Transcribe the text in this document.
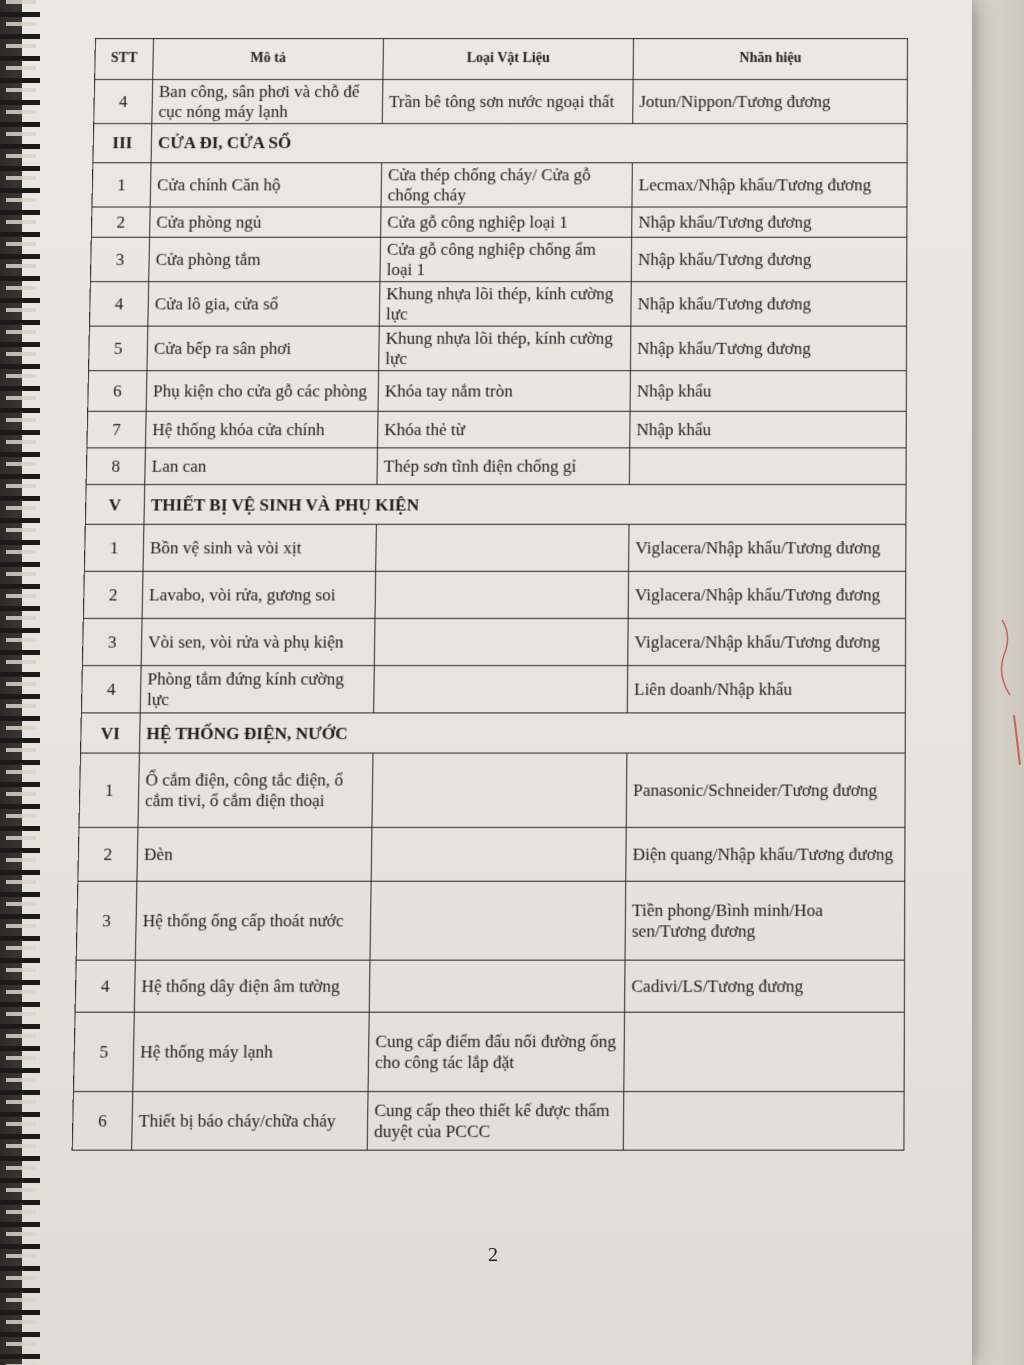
STT	Mô tả	Loại Vật Liệu	Nhãn hiệu
4	Ban công, sân phơi và chỗ để cục nóng máy lạnh	Trần bê tông sơn nước ngoại thất	Jotun/Nippon/Tương đương
III	CỬA ĐI, CỬA SỔ		
1	Cửa chính Căn hộ	Cửa thép chống cháy/ Cửa gỗ chống cháy	Lecmax/Nhập khẩu/Tương đương
2	Cửa phòng ngủ	Cửa gỗ công nghiệp loại 1	Nhập khẩu/Tương đương
3	Cửa phòng tắm	Cửa gỗ công nghiệp chống ẩm loại 1	Nhập khẩu/Tương đương
4	Cửa lô gia, cửa sổ	Khung nhựa lõi thép, kính cường lực	Nhập khẩu/Tương đương
5	Cửa bếp ra sân phơi	Khung nhựa lõi thép, kính cường lực	Nhập khẩu/Tương đương
6	Phụ kiện cho cửa gỗ các phòng	Khóa tay nắm tròn	Nhập khẩu
7	Hệ thống khóa cửa chính	Khóa thẻ từ	Nhập khẩu
8	Lan can	Thép sơn tĩnh điện chống gỉ	
V	THIẾT BỊ VỆ SINH VÀ PHỤ KIỆN		
1	Bồn vệ sinh và vòi xịt		Viglacera/Nhập khẩu/Tương đương
2	Lavabo, vòi rửa, gương soi		Viglacera/Nhập khẩu/Tương đương
3	Vòi sen, vòi rửa và phụ kiện		Viglacera/Nhập khẩu/Tương đương
4	Phòng tắm đứng kính cường lực		Liên doanh/Nhập khẩu
VI	HỆ THỐNG ĐIỆN, NƯỚC		
1	Ổ cắm điện, công tắc điện, ổ cắm tivi, ổ cắm điện thoại		Panasonic/Schneider/Tương đương
2	Đèn		Điện quang/Nhập khẩu/Tương đương
3	Hệ thống ống cấp thoát nước		Tiền phong/Bình minh/Hoa sen/Tương đương
4	Hệ thống dây điện âm tường		Cadivi/LS/Tương đương
5	Hệ thống máy lạnh	Cung cấp điểm đấu nối đường ống cho công tác lắp đặt	
6	Thiết bị báo cháy/chữa cháy	Cung cấp theo thiết kế được thẩm duyệt của PCCC	
2
